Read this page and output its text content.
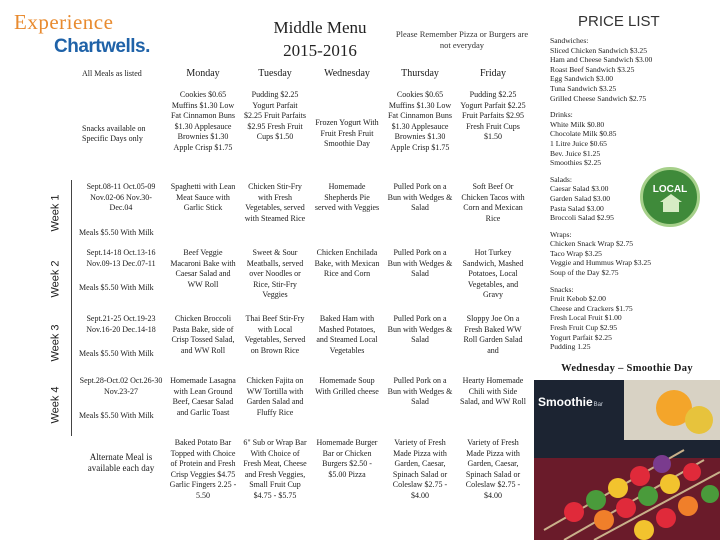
Experience
Chartwells.
Middle Menu
2015-2016
Please Remember Pizza or Burgers are not everyday
Week 1
Week 2
Week 3
Week 4
All Meals as listed	Monday	Tuesday	Wednesday	Thursday	Friday
Snacks available on Specific Days only	Cookies $0.65 Muffins $1.30 Low Fat Cinnamon Buns $1.30 Applesauce Brownies $1.30 Apple Crisp $1.75	Pudding $2.25 Yogurt Parfait $2.25 Fruit Parfaits $2.95 Fresh Fruit Cups $1.50	Frozen Yogurt With Fruit Fresh Fruit Smoothie Day	Cookies $0.65 Muffins $1.30 Low Fat Cinnamon Buns $1.30 Applesauce Brownies $1.30 Apple Crisp $1.75	Pudding $2.25 Yogurt Parfait $2.25 Fruit Parfaits $2.95 Fresh Fruit Cups $1.50

Sept.08-11 Oct.05-09 Nov.02-06 Nov.30-Dec.04
Meals $5.50 With Milk	Spaghetti with Lean Meat Sauce with Garlic Stick	Chicken Stir-Fry with Fresh Vegetables, served with Steamed Rice	Homemade Shepherds Pie served with Veggies	Pulled Pork on a Bun with Wedges & Salad	Soft Beef Or Chicken Tacos with Corn and Mexican Rice

Sept.14-18 Oct.13-16 Nov.09-13 Dec.07-11
Meals $5.50 With Milk	Beef Veggie Macaroni Bake with Caesar Salad and WW Roll	Sweet & Sour Meatballs, served over Noodles or Rice, Stir-Fry Veggies	Chicken Enchilada Bake, with Mexican Rice and Corn	Pulled Pork on a Bun with Wedges & Salad	Hot Turkey Sandwich, Mashed Potatoes, Local Vegetables, and Gravy

Sept.21-25 Oct.19-23 Nov.16-20 Dec.14-18
Meals $5.50 With Milk	Chicken Broccoli Pasta Bake, side of Crisp Tossed Salad, and WW Roll	Thai Beef Stir-Fry with Local Vegetables, Served on Brown Rice	Baked Ham with Mashed Potatoes, and Steamed Local Vegetables	Pulled Pork on a Bun with Wedges & Salad	Sloppy Joe On a Fresh Baked WW Roll Garden Salad and

Sept.28-Oct.02 Oct.26-30 Nov.23-27
Meals $5.50 With Milk	Homemade Lasagna with Lean Ground Beef, Caesar Salad and Garlic Toast	Chicken Fajita on WW Tortilla with Garden Salad and Fluffy Rice	Homemade Soup With Grilled cheese	Pulled Pork on a Bun with Wedges & Salad	Hearty Homemade Chili with Side Salad, and WW Roll
Alternate Meal is available each day	Baked Potato Bar Topped with Choice of Protein and Fresh Crisp Veggies $4.75 Garlic Fingers 2.25 - 5.50	6" Sub or Wrap Bar With Choice of Fresh Meat, Cheese and Fresh Veggies, Small Fruit Cup $4.75 - $5.75	Homemade Burger Bar or Chicken Burgers $2.50 - $5.00 Pizza	Variety of Fresh Made Pizza with Garden, Caesar, Spinach Salad or Coleslaw $2.75 - $4.00	Variety of Fresh Made Pizza with Garden, Caesar, Spinach Salad or Coleslaw $2.75 - $4.00
PRICE LIST
Sandwiches:
Sliced Chicken Sandwich $3.25
Ham and Cheese Sandwich $3.00
Roast Beef Sandwich $3.25
Egg Sandwich $3.00
Tuna Sandwich $3.25
Grilled Cheese Sandwich $2.75
Drinks:
White Milk $0.80
Chocolate Milk $0.85
1 Litre Juice $0.65
Bev. Juice $1.25
Smoothies $2.25
Salads:
Caesar Salad $3.00
Garden Salad $3.00
Pasta Salad $3.00
Broccoli Salad $2.95
Wraps:
Chicken Snack Wrap $2.75
Taco Wrap $3.25
Veggie and Hummus Wrap $3.25
Soup of the Day $2.75
Snacks:
Fruit Kebob $2.00
Cheese and Crackers $1.75
Fresh Local Fruit $1.00
Fresh Fruit Cup $2.95
Yogurt Parfait $2.25
Pudding 1.25
LOCAL
Wednesday – Smoothie Day
SmoothieBar
